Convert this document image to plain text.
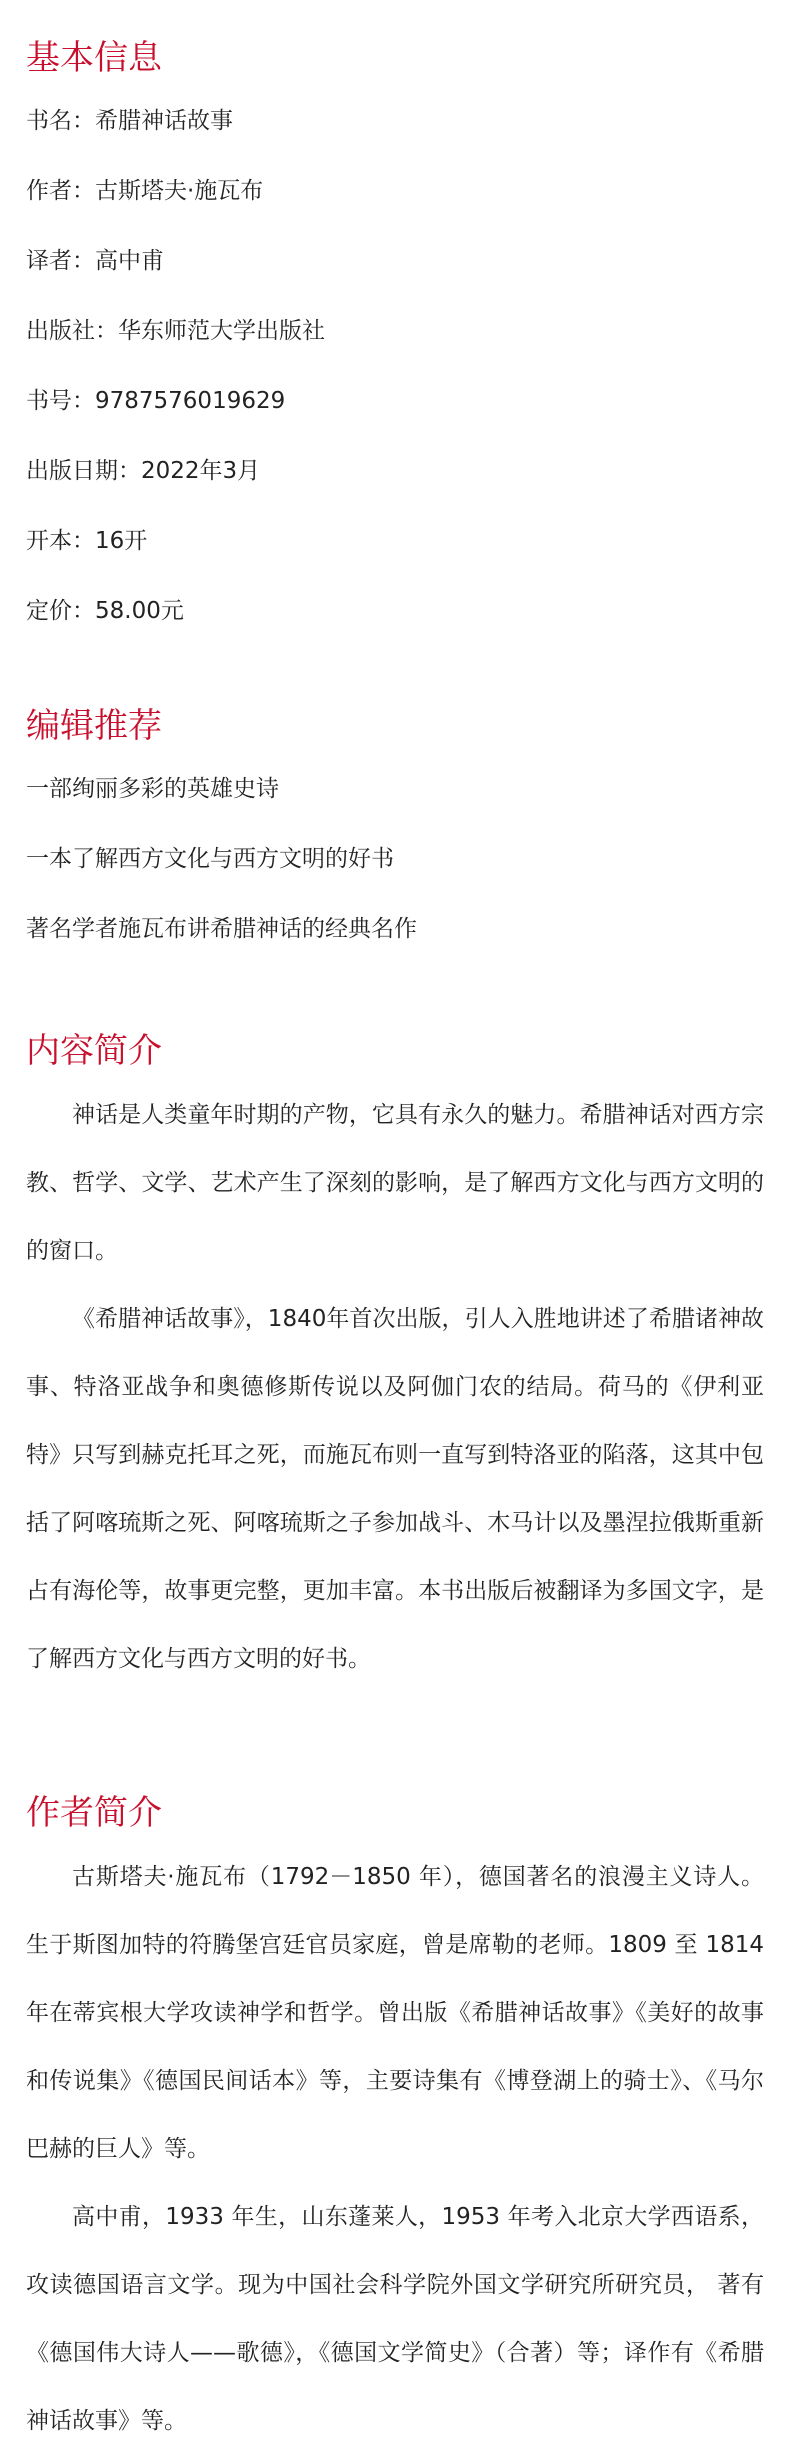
基本信息

书名：希腊神话故事

作者：古斯塔夫·施瓦布

译者：高中甫

出版社：华东师范大学出版社

书号：9787576019629

出版日期：2022年3月

开本：16开

定价：58.00元

编辑推荐

一部绚丽多彩的英雄史诗

一本了解西方文化与西方文明的好书

著名学者施瓦布讲希腊神话的经典名作

内容简介

神话是人类童年时期的产物，它具有永久的魅力。希腊神话对西方宗教、哲学、文学、艺术产生了深刻的影响，是了解西方文化与西方文明的的窗口。

《希腊神话故事》，1840年首次出版，引人入胜地讲述了希腊诸神故事、特洛亚战争和奥德修斯传说以及阿伽门农的结局。荷马的《伊利亚特》只写到赫克托耳之死，而施瓦布则一直写到特洛亚的陷落，这其中包括了阿喀琉斯之死、阿喀琉斯之子参加战斗、木马计以及墨涅拉俄斯重新占有海伦等，故事更完整，更加丰富。本书出版后被翻译为多国文字，是了解西方文化与西方文明的好书。

作者简介

古斯塔夫·施瓦布（1792－1850 年），德国著名的浪漫主义诗人。生于斯图加特的符腾堡宫廷官员家庭，曾是席勒的老师。1809 至 1814 年在蒂宾根大学攻读神学和哲学。曾出版《希腊神话故事》《美好的故事和传说集》《德国民间话本》等，主要诗集有《博登湖上的骑士》、《马尔巴赫的巨人》等。

高中甫，1933 年生，山东蓬莱人，1953 年考入北京大学西语系，攻读德国语言文学。现为中国社会科学院外国文学研究所研究员， 著有《德国伟大诗人——歌德》，《德国文学简史》（合著）等；译作有《希腊神话故事》等。
